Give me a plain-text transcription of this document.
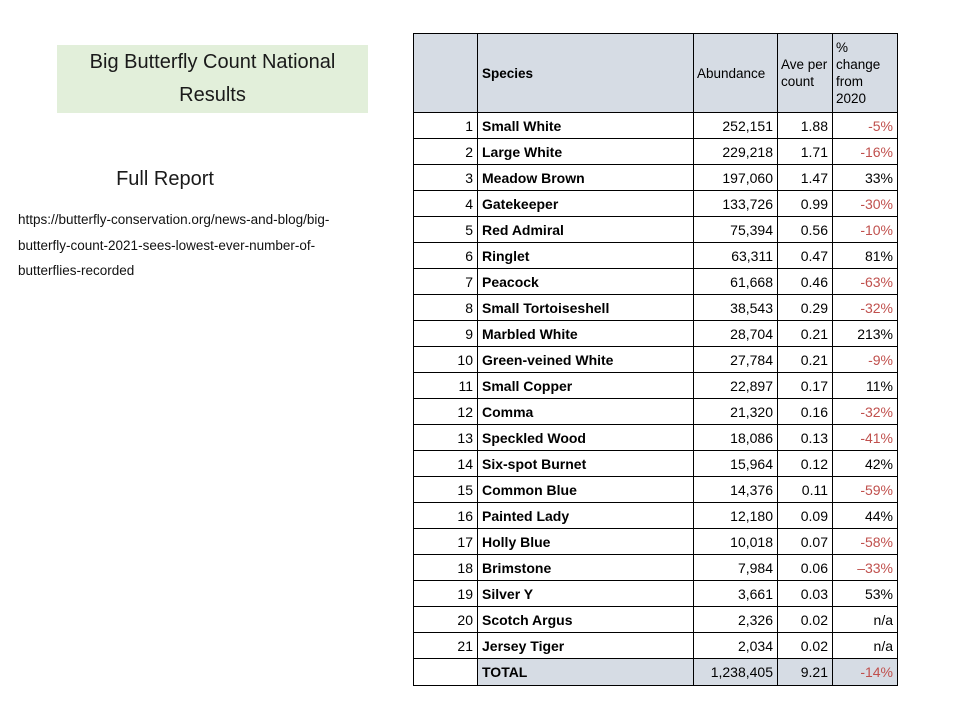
Big Butterfly Count National Results
Full Report
https://butterfly-conservation.org/news-and-blog/big-butterfly-count-2021-sees-lowest-ever-number-of-butterflies-recorded
	Species	Abundance	Ave per count	% change from 2020
1	Small White	252,151	1.88	-5%
2	Large White	229,218	1.71	-16%
3	Meadow Brown	197,060	1.47	33%
4	Gatekeeper	133,726	0.99	-30%
5	Red Admiral	75,394	0.56	-10%
6	Ringlet	63,311	0.47	81%
7	Peacock	61,668	0.46	-63%
8	Small Tortoiseshell	38,543	0.29	-32%
9	Marbled White	28,704	0.21	213%
10	Green-veined White	27,784	0.21	-9%
11	Small Copper	22,897	0.17	11%
12	Comma	21,320	0.16	-32%
13	Speckled Wood	18,086	0.13	-41%
14	Six-spot Burnet	15,964	0.12	42%
15	Common Blue	14,376	0.11	-59%
16	Painted Lady	12,180	0.09	44%
17	Holly Blue	10,018	0.07	-58%
18	Brimstone	7,984	0.06	–33%
19	Silver Y	3,661	0.03	53%
20	Scotch Argus	2,326	0.02	n/a
21	Jersey Tiger	2,034	0.02	n/a
	TOTAL	1,238,405	9.21	-14%
